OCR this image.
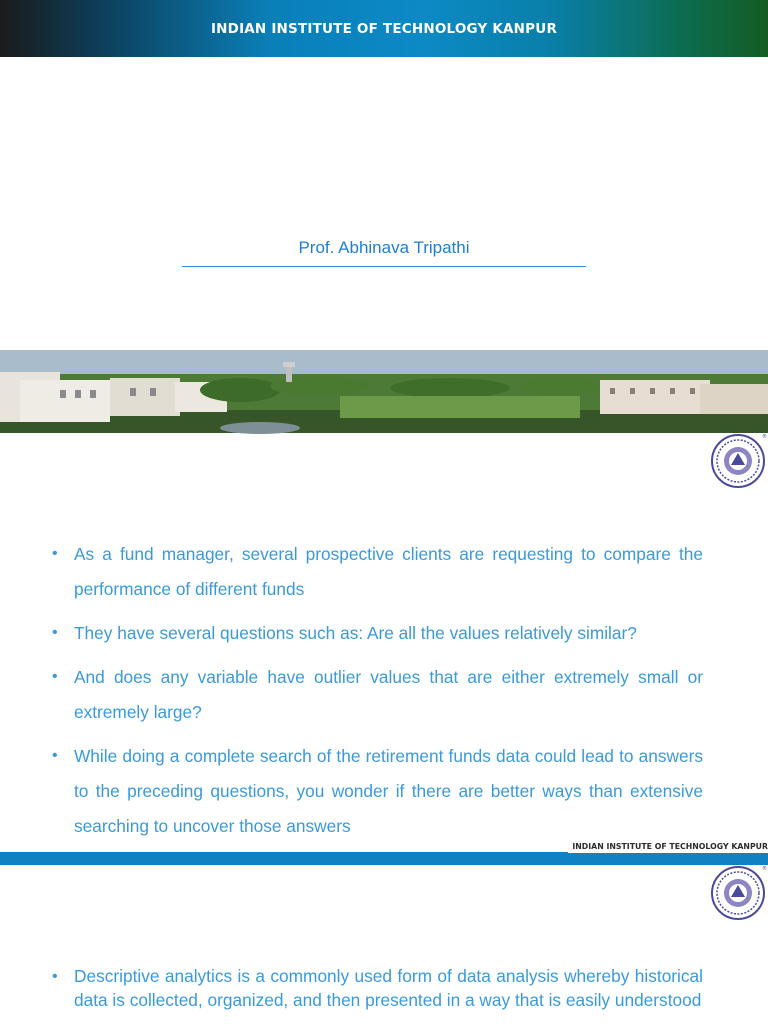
INDIAN INSTITUTE OF TECHNOLOGY KANPUR
Prof. Abhinava Tripathi
®

• As a fund manager, several prospective clients are requesting to compare the performance of different funds

• They have several questions such as: Are all the values relatively similar?

• And does any variable have outlier values that are either extremely small or extremely large?

• While doing a complete search of the retirement funds data could lead to answers to the preceding questions, you wonder if there are better ways than extensive searching to uncover those answers

INDIAN INSTITUTE OF TECHNOLOGY KANPUR
®

• Descriptive analytics is a commonly used form of data analysis whereby historical data is collected, organized, and then presented in a way that is easily understood
